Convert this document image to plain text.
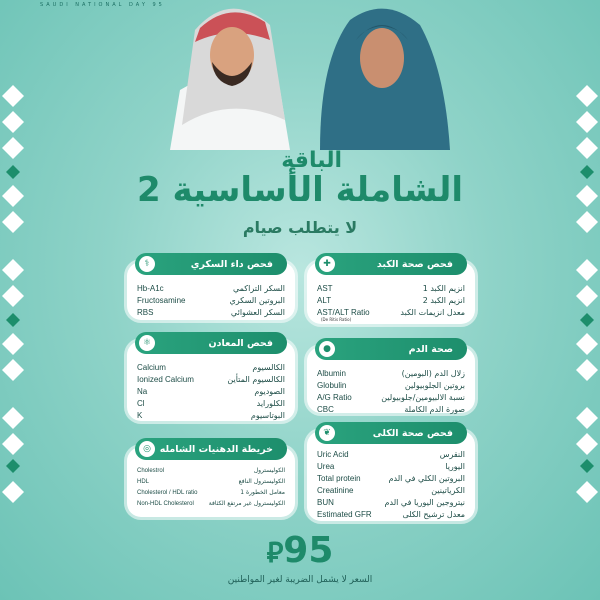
SAUDI NATIONAL DAY 95
الباقة
الشاملة الأساسية 2
لا يتطلب صيام
⚕	فحص داء السكري
Hb-A1c	السكر التراكمي
Fructosamine	البروتين السكري
RBS	السكر العشوائي
✚	فحص صحة الكبد
AST	انزيم الكبد 1
ALT	انزيم الكبد 2
AST/ALT Ratio	معدل انزيمات الكبد
(De Ritis Ratio)
⚛	فحص المعادن
Calcium	الكالسيوم
Ionized Calcium	الكالسيوم المتأين
Na	الصوديوم
Cl	الكلورايد
K	البوتاسيوم
●	صحة الدم
Albumin	زلال الدم (البومين)
Globulin	بروتين الجلوبيولين
A/G Ratio	نسبة الالبيومين/جلوبيولين
CBC	صورة الدم الكاملة
◎ خريطة الدهنيات الشامله
Cholestrol	الكوليسترول
HDL	الكوليسترول النافع
Cholesterol / HDL ratio	معامل الخطورة 1
Non-HDL Cholesterol الكوليسترول غير مرتفع الكثافة
❦	فحص صحة الكلى
Uric Acid	النقرس
Urea	اليوريا
Total protein	البروتين الكلي في الدم
Creatinine	الكرياتينين
BUN	نيتروجين اليوريا في الدم
Estimated GFR	معدل ترشيح الكلى
⃁95
السعر لا يشمل الضريبة لغير المواطنين
